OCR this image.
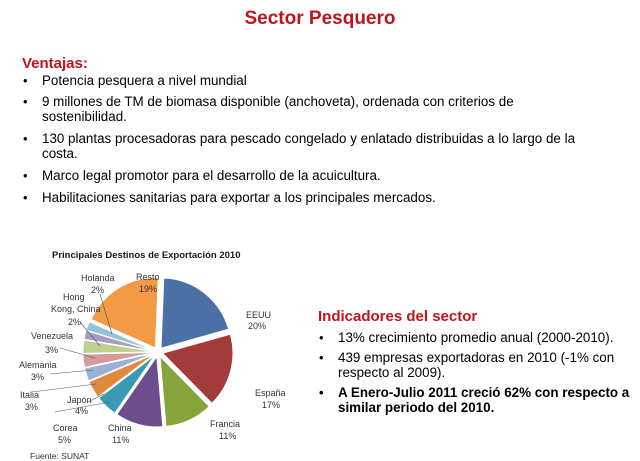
Sector Pesquero
Ventajas:
• Potencia pesquera a nivel mundial
• 9 millones de TM de biomasa disponible (anchoveta), ordenada con criterios de sostenibilidad.
• 130 plantas procesadoras para pescado congelado y enlatado distribuidas a lo largo de la costa.
• Marco legal promotor para el desarrollo de la acuicultura.
• Habilitaciones sanitarias para exportar a los principales mercados.
Principales Destinos de Exportación 2010
EEUU
20%
España
17%
Francia
11%
China
11%
Corea
5%
Japón
4%
Italia
3%
Alemania
3%
Venezuela
3%
Hong
Kong, China
2%
Holanda
2%
Resto
19%
Fuente: SUNAT
Indicadores del sector
• 13% crecimiento promedio anual (2000-2010).
• 439 empresas exportadoras en 2010 (-1% con respecto al 2009).
• A Enero-Julio 2011 creció 62% con respecto a similar periodo del 2010.
